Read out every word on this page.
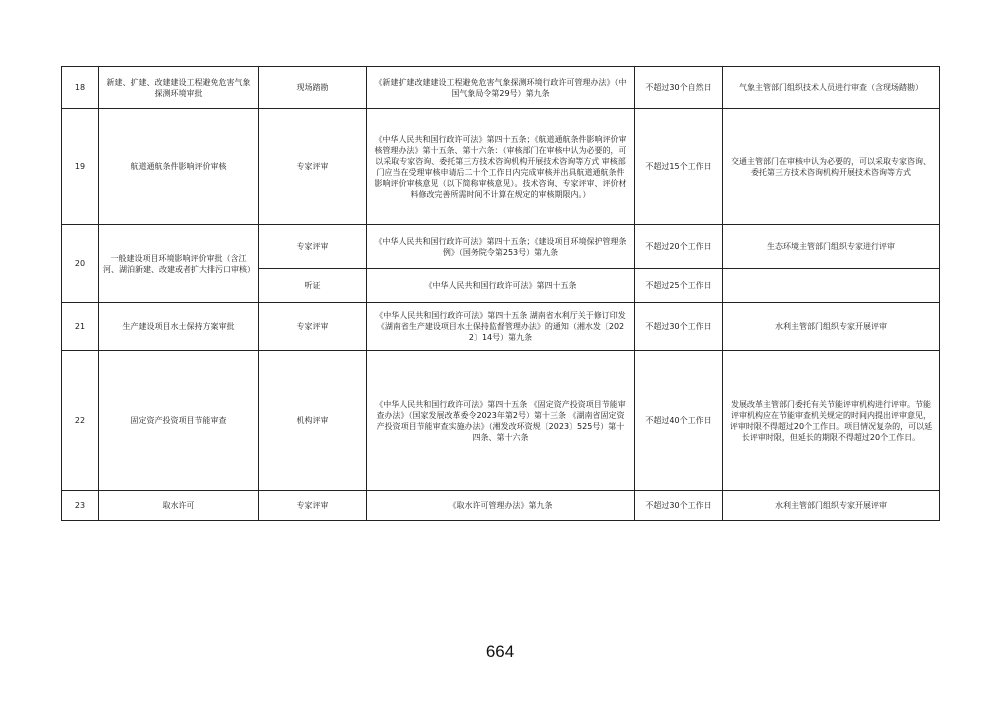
18	新建、扩建、改建建设工程避免危害气象探测环境审批	现场踏勘	《新建扩建改建建设工程避免危害气象探测环境行政许可管理办法》（中国气象局令第29号）第九条	不超过30个自然日	气象主管部门组织技术人员进行审查（含现场踏勘）
19	航道通航条件影响评价审核	专家评审	《中华人民共和国行政许可法》第四十五条；《航道通航条件影响评价审核管理办法》第十五条、第十六条：（审核部门在审核中认为必要的，可以采取专家咨询、委托第三方技术咨询机构开展技术咨询等方式 审核部门应当在受理审核申请后二十个工作日内完成审核并出具航道通航条件影响评价审核意见（以下简称审核意见）。技术咨询、专家评审、评价材料修改完善所需时间不计算在规定的审核期限内。）	不超过15个工作日	交通主管部门在审核中认为必要的，可以采取专家咨询、委托第三方技术咨询机构开展技术咨询等方式
20	一般建设项目环境影响评价审批（含江河、湖泊新建、改建或者扩大排污口审核）	专家评审	《中华人民共和国行政许可法》第四十五条；《建设项目环境保护管理条例》（国务院令第253号）第九条	不超过20个工作日	生态环境主管部门组织专家进行评审
		听证	《中华人民共和国行政许可法》第四十五条	不超过25个工作日	
21	生产建设项目水土保持方案审批	专家评审	《中华人民共和国行政许可法》第四十五条 湖南省水利厅关于修订印发《湖南省生产建设项目水土保持监督管理办法》的通知（湘水发〔2022〕14号）第九条	不超过30个工作日	水利主管部门组织专家开展评审
22	固定资产投资项目节能审查	机构评审	《中华人民共和国行政许可法》第四十五条 《固定资产投资项目节能审查办法》（国家发展改革委令2023年第2号）第十三条 《湖南省固定资产投资项目节能审查实施办法》（湘发改环资规〔2023〕525号）第十四条、第十六条	不超过40个工作日	发展改革主管部门委托有关节能评审机构进行评审。节能评审机构应在节能审查机关规定的时间内提出评审意见，评审时限不得超过20个工作日。项目情况复杂的，可以延长评审时限，但延长的期限不得超过20个工作日。
23	取水许可	专家评审	《取水许可管理办法》第九条	不超过30个工作日	水利主管部门组织专家开展评审
664
